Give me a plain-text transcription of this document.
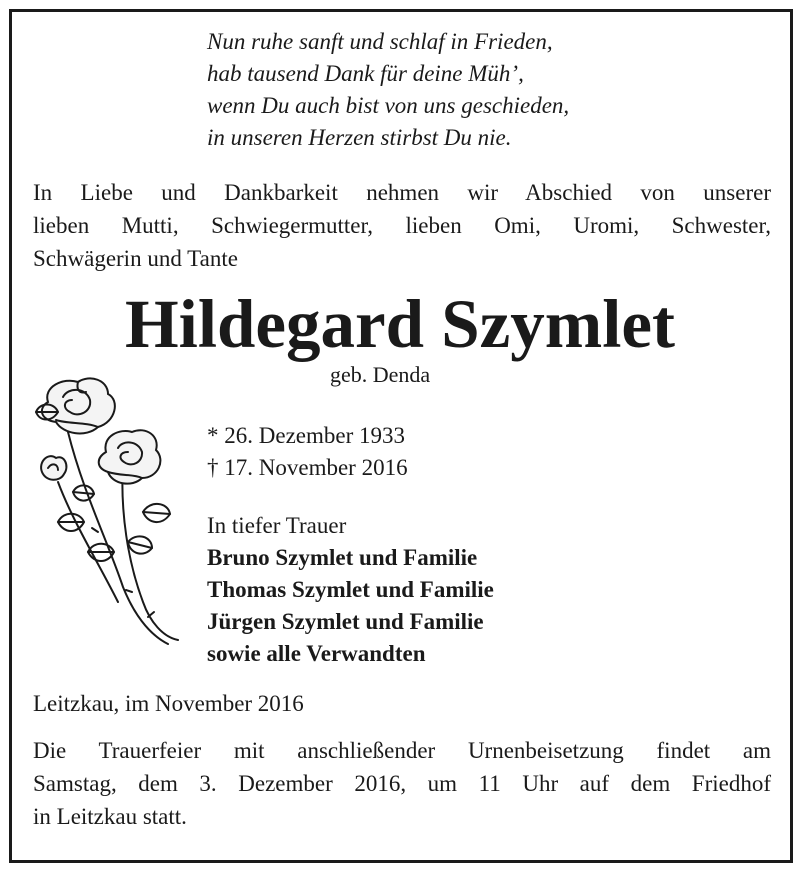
Nun ruhe sanft und schlaf in Frieden,
hab tausend Dank für deine Müh’,
wenn Du auch bist von uns geschieden,
in unseren Herzen stirbst Du nie.
In Liebe und Dankbarkeit nehmen wir Abschied von unserer
lieben Mutti, Schwiegermutter, lieben Omi, Uromi, Schwester,
Schwägerin und Tante
Hildegard Szymlet
geb. Denda
* 26. Dezember 1933
† 17. November 2016
In tiefer Trauer
Bruno Szymlet und Familie
Thomas Szymlet und Familie
Jürgen Szymlet und Familie
sowie alle Verwandten
Leitzkau, im November 2016
Die Trauerfeier mit anschließender Urnenbeisetzung findet am
Samstag, dem 3. Dezember 2016, um 11 Uhr auf dem Friedhof
in Leitzkau statt.
